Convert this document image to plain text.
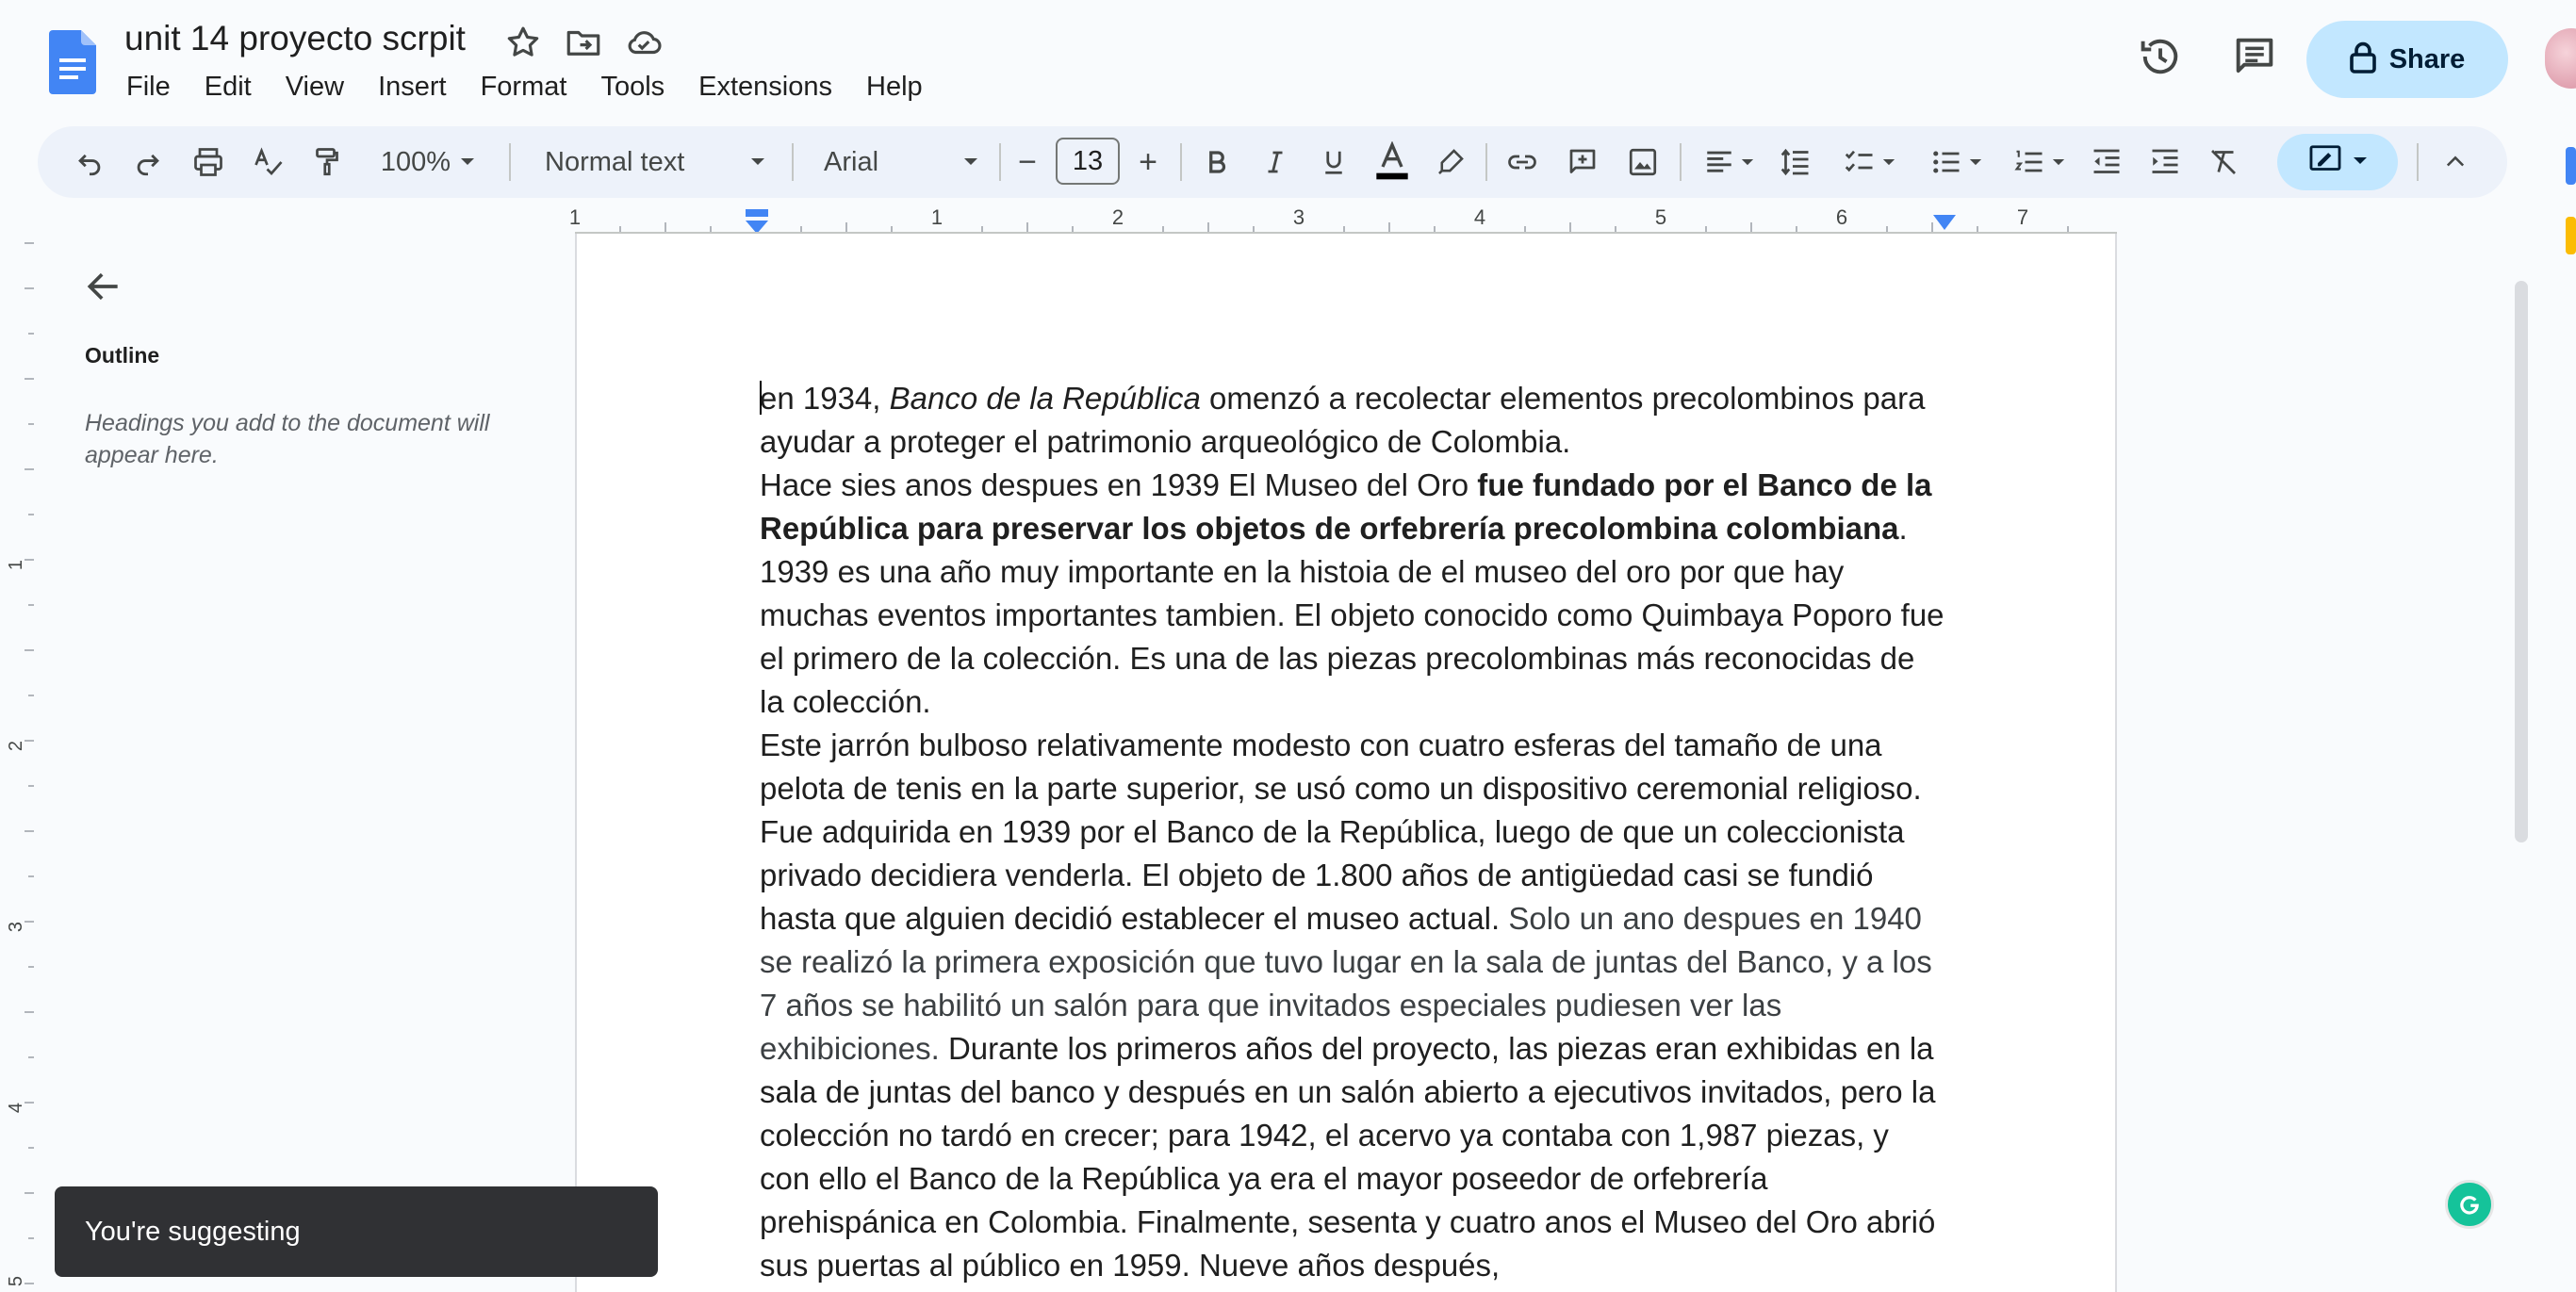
unit 14 proyecto scrpit
File	Edit	View	Insert	Format	Tools	Extensions	Help
Share
100%	Normal text	Arial	−	13	+
1	1	2	3	4	5	6	7
1
2
3
4
5
Outline
Headings you add to the document will appear here.

en 1934, Banco de la República omenzó a recolectar elementos precolombinos para ayudar a proteger el patrimonio arqueológico de Colombia.

Hace sies anos despues en 1939 El Museo del Oro fue fundado por el Banco de la República para preservar los objetos de orfebrería precolombina colombiana. 1939 es una año muy importante en la histoia de el museo del oro por que hay muchas eventos importantes tambien. El objeto conocido como Quimbaya Poporo fue el primero de la colección. Es una de las piezas precolombinas más reconocidas de la colección.

Este jarrón bulboso relativamente modesto con cuatro esferas del tamaño de una pelota de tenis en la parte superior, se usó como un dispositivo ceremonial religioso. Fue adquirida en 1939 por el Banco de la República, luego de que un coleccionista privado decidiera venderla. El objeto de 1.800 años de antigüedad casi se fundió hasta que alguien decidió establecer el museo actual. Solo un ano despues en 1940 se realizó la primera exposición que tuvo lugar en la sala de juntas del Banco, y a los 7 años se habilitó un salón para que invitados especiales pudiesen ver las exhibiciones. Durante los primeros años del proyecto, las piezas eran exhibidas en la sala de juntas del banco y después en un salón abierto a ejecutivos invitados, pero la colección no tardó en crecer; para 1942, el acervo ya contaba con 1,987 piezas, y con ello el Banco de la República ya era el mayor poseedor de orfebrería prehispánica en Colombia. Finalmente, sesenta y cuatro anos el Museo del Oro abrió sus puertas al público en 1959. Nueve años después,

You're suggesting
